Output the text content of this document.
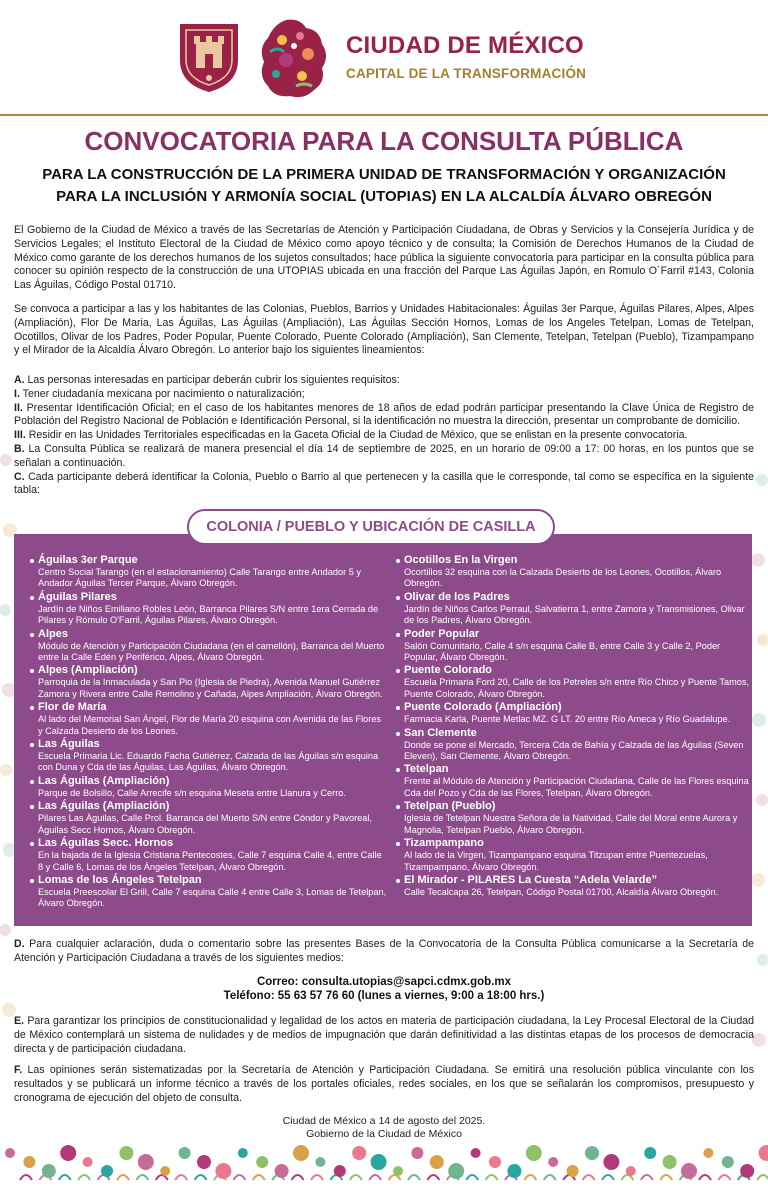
CIUDAD DE MÉXICO
CAPITAL DE LA TRANSFORMACIÓN
CONVOCATORIA PARA LA CONSULTA PÚBLICA
PARA LA CONSTRUCCIÓN DE LA PRIMERA UNIDAD DE TRANSFORMACIÓN Y ORGANIZACIÓN
PARA LA INCLUSIÓN Y ARMONÍA SOCIAL (UTOPIAS) EN LA ALCALDÍA ÁLVARO OBREGÓN

El Gobierno de la Ciudad de México a través de las Secretarías de Atención y Participación Ciudadana, de Obras y Servicios y la Consejería Jurídica y de Servicios Legales; el Instituto Electoral de la Ciudad de México como apoyo técnico y de consulta; la Comisión de Derechos Humanos de la Ciudad de México como garante de los derechos humanos de los sujetos consultados; hace pública la siguiente convocatoria para participar en la consulta pública para conocer su opinión respecto de la construcción de una UTOPIAS ubicada en una fracción del Parque Las Águilas Japón, en Romulo O´Farril #143, Colonia Las Águilas, Código Postal 01710.

Se convoca a participar a las y los habitantes de las Colonias, Pueblos, Barrios y Unidades Habitacionales: Águilas 3er Parque, Águilas Pilares, Alpes, Alpes (Ampliación), Flor De Maria, Las Águilas, Las Águilas (Ampliación), Las Águilas Sección Hornos, Lomas de los Angeles Tetelpan, Lomas de Tetelpan, Ocotillos, Olivar de los Padres, Poder Popular, Puente Colorado, Puente Colorado (Ampliación), San Clemente, Tetelpan, Tetelpan (Pueblo), Tizampampano y el Mirador de la Alcaldía Álvaro Obregón. Lo anterior bajo los siguientes lineamientos:

A. Las personas interesadas en participar deberán cubrir los siguientes requisitos:
I. Tener ciudadanía mexicana por nacimiento o naturalización;
II. Presentar Identificación Oficial; en el caso de los habitantes menores de 18 años de edad podrán participar presentando la Clave Única de Registro de Población del Registro Nacional de Población e Identificación Personal, si la identificación no muestra la dirección, presentar un comprobante de domicilio.
III. Residir en las Unidades Territoriales especificadas en la Gaceta Oficial de la Ciudad de México, que se enlistan en la presente convocatoria.
B. La Consulta Pública se realizará de manera presencial el día 14 de septiembre de 2025, en un horario de 09:00 a 17: 00 horas, en los puntos que se señalan a continuación.
C. Cada participante deberá identificar la Colonia, Pueblo o Barrio al que pertenecen y la casilla que le corresponde, tal como se específica en la siguiente tabla:
Águilas 3er Parque
Centro Social Tarango (en el estacionamiento) Calle Tarango entre Andador 5 y Andador Águilas Tercer Parque, Álvaro Obregón.
Águilas Pilares
Jardín de Niños Emiliano Robles León, Barranca Pilares S/N entre 1era Cerrada de Pilares y Rómulo O'Farril, Águilas Pilares, Álvaro Obregón.
Alpes
Módulo de Atención y Participación Ciudadana (en el camellón), Barranca del Muerto entre la Calle Edén y Periférico, Alpes, Álvaro Obregón.
Alpes (Ampliación)
Parroquia de la Inmaculada y San Pio (Iglesia de Piedra), Avenida Manuel Gutiérrez Zamora y Rivera entre Calle Remolino y Cañada, Alpes Ampliación, Álvaro Obregón.
Flor de María
Al lado del Memorial San Ángel, Flor de María 20 esquina con Avenida de las Flores y Calzada Desierto de los Leones.
Las Águilas
Escuela Primaria Lic. Eduardo Facha Gutiérrez, Calzada de las Águilas s/n esquina con Duna y Cda de las Águilas, Las Águilas, Álvaro Obregón.
Las Águilas (Ampliación)
Parque de Bolsillo, Calle Arrecife s/n esquina Meseta entre Llanura y Cerro.
Las Águilas (Ampliación)
Pilares Las Águilas, Calle Prol. Barranca del Muerto S/N entre Cóndor y Pavoreal, Águilas Secc Hornos, Álvaro Obregón.
Las Águilas Secc. Hornos
En la bajada de la Iglesia Cristiana Pentecostes, Calle 7 esquina Calle 4, entre Calle 8 y Calle 6, Lomas de los Ángeles Tetelpan, Álvaro Obregón.
Lomas de los Ángeles Tetelpan
Escuela Preescolar El Grill, Calle 7 esquina Calle 4 entre Calle 3, Lomas de Tetelpan, Álvaro Obregón.
Ocotillos En la Virgen
Ocortillos 32 esquina con la Calzada Desierto de los Leones, Ocotillos, Álvaro Obregón.
Olivar de los Padres
Jardín de Niños Carlos Perraul, Salvatierra 1, entre Zamora y Transmisiones, Olivar de los Padres, Álvaro Obregón.
Poder Popular
Salón Comunitario, Calle 4 s/n esquina Calle B, entre Calle 3 y Calle 2, Poder Popular, Álvaro Obregón.
Puente Colorado
Escuela Primaria Ford 20, Calle de los Petreles s/n entre Río Chico y Puente Tamos, Puente Colorado, Álvaro Obregón.
Puente Colorado (Ampliación)
Farmacia Karla, Puente Metlac MZ. G LT. 20 entre Río Ameca y Río Guadalupe.
San Clemente
Donde se pone el Mercado, Tercera Cda de Bahía y Calzada de las Águilas (Seven Eleven), San Clemente, Álvaro Obregón.
Tetelpan
Frente al Módulo de Atención y Participación Ciudadana, Calle de las Flores esquina Cda del Pozo y Cda de las Flores, Tetelpan, Álvaro Obregón.
Tetelpan (Pueblo)
Iglesia de Tetelpan Nuestra Señora de la Natividad, Calle del Moral entre Aurora y Magnolia, Tetelpan Pueblo, Álvaro Obregón.
Tizampampano
Al lado de la Virgen, Tizampampano esquina Titzupan entre Puentezuelas, Tizampampano, Álvaro Obregón.
El Mirador - PILARES La Cuesta “Adela Velarde”
Calle Tecalcapa 26, Tetelpan, Código Postal 01700, Alcaldía Álvaro Obregón.
COLONIA / PUEBLO Y UBICACIÓN DE CASILLA
D. Para cualquier aclaración, duda o comentario sobre las presentes Bases de la Convocatoria de la Consulta Pública comunicarse a la Secretaría de Atención y Participación Ciudadana a través de los siguientes medios:
Correo: consulta.utopias@sapci.cdmx.gob.mx
Teléfono: 55 63 57 76 60 (lunes a viernes, 9:00 a 18:00 hrs.)
E. Para garantizar los principios de constitucionalidad y legalidad de los actos en materia de participación ciudadana, la Ley Procesal Electoral de la Ciudad de México contemplará un sistema de nulidades y de medios de impugnación que darán definitividad a las distintas etapas de los procesos de democracia directa y de participación ciudadana.
F. Las opiniones serán sistematizadas por la Secretaría de Atención y Participación Ciudadana. Se emitirá una resolución pública vinculante con los resultados y se publicará un informe técnico a través de los portales oficiales, redes sociales, en los que se señalarán los compromisos, presupuesto y cronograma de ejecución del objeto de consulta.
Ciudad de México a 14 de agosto del 2025.
Gobierno de la Ciudad de México
